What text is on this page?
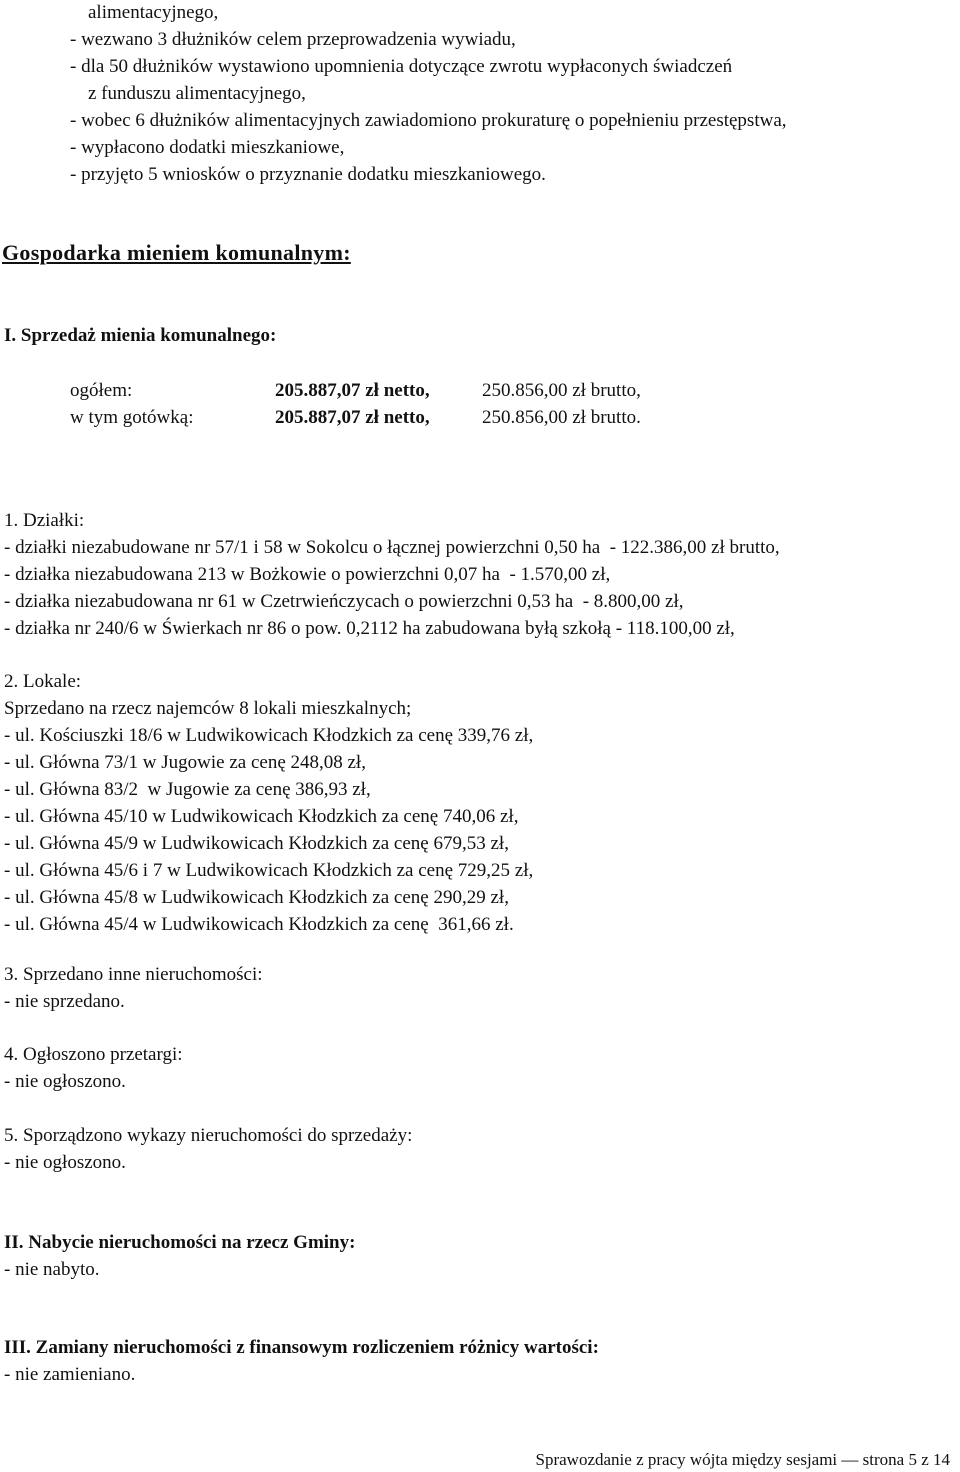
alimentacyjnego,
- wezwano 3 dłużników celem przeprowadzenia wywiadu,
- dla 50 dłużników wystawiono upomnienia dotyczące zwrotu wypłaconych świadczeń
z funduszu alimentacyjnego,
- wobec 6 dłużników alimentacyjnych zawiadomiono prokuraturę o popełnieniu przestępstwa,
- wypłacono dodatki mieszkaniowe,
- przyjęto 5 wniosków o przyznanie dodatku mieszkaniowego.
Gospodarka mieniem komunalnym:
I. Sprzedaż mienia komunalnego:
ogółem:	205.887,07 zł netto,	250.856,00 zł brutto,
w tym gotówką:	205.887,07 zł netto,	250.856,00 zł brutto.
1. Działki:
- działki niezabudowane nr 57/1 i 58 w Sokolcu o łącznej powierzchni 0,50 ha  - 122.386,00 zł brutto,
- działka niezabudowana 213 w Bożkowie o powierzchni 0,07 ha  - 1.570,00 zł,
- działka niezabudowana nr 61 w Czetrwieńczycach o powierzchni 0,53 ha  - 8.800,00 zł,
- działka nr 240/6 w Świerkach nr 86 o pow. 0,2112 ha zabudowana byłą szkołą - 118.100,00 zł,
2. Lokale:
Sprzedano na rzecz najemców 8 lokali mieszkalnych;
- ul. Kościuszki 18/6 w Ludwikowicach Kłodzkich za cenę 339,76 zł,
- ul. Główna 73/1 w Jugowie za cenę 248,08 zł,
- ul. Główna 83/2  w Jugowie za cenę 386,93 zł,
- ul. Główna 45/10 w Ludwikowicach Kłodzkich za cenę 740,06 zł,
- ul. Główna 45/9 w Ludwikowicach Kłodzkich za cenę 679,53 zł,
- ul. Główna 45/6 i 7 w Ludwikowicach Kłodzkich za cenę 729,25 zł,
- ul. Główna 45/8 w Ludwikowicach Kłodzkich za cenę 290,29 zł,
- ul. Główna 45/4 w Ludwikowicach Kłodzkich za cenę  361,66 zł.
3. Sprzedano inne nieruchomości:
- nie sprzedano.
4. Ogłoszono przetargi:
- nie ogłoszono.
5. Sporządzono wykazy nieruchomości do sprzedaży:
- nie ogłoszono.
II. Nabycie nieruchomości na rzecz Gminy:
- nie nabyto.
III. Zamiany nieruchomości z finansowym rozliczeniem różnicy wartości:
- nie zamieniano.
Sprawozdanie z pracy wójta między sesjami — strona 5 z 14
